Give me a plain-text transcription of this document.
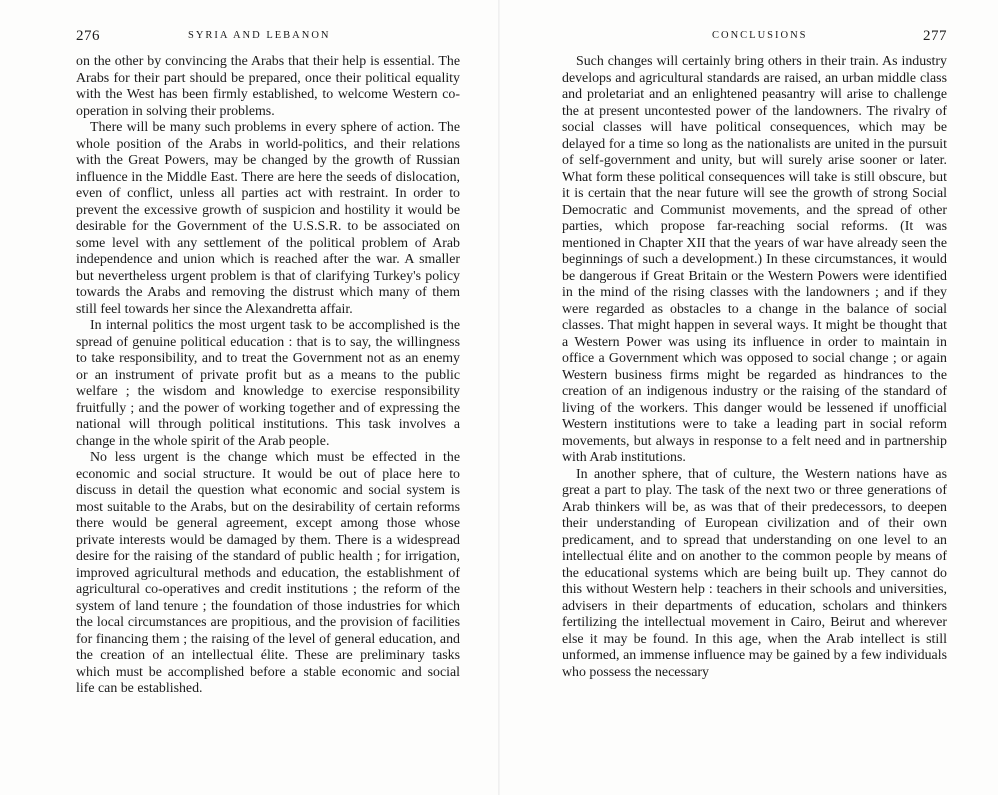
276	SYRIA AND LEBANON

on the other by convincing the Arabs that their help is essential. The Arabs for their part should be prepared, once their political equality with the West has been firmly established, to welcome Western co-operation in solving their problems.

There will be many such problems in every sphere of action. The whole position of the Arabs in world-politics, and their relations with the Great Powers, may be changed by the growth of Russian influence in the Middle East. There are here the seeds of dislocation, even of conflict, unless all parties act with restraint. In order to prevent the excessive growth of suspicion and hostility it would be desirable for the Government of the U.S.S.R. to be associated on some level with any settlement of the political problem of Arab independence and union which is reached after the war. A smaller but nevertheless urgent problem is that of clarifying Turkey's policy towards the Arabs and removing the distrust which many of them still feel towards her since the Alexandretta affair.

In internal politics the most urgent task to be accomplished is the spread of genuine political education : that is to say, the willingness to take responsibility, and to treat the Government not as an enemy or an instrument of private profit but as a means to the public welfare ; the wisdom and knowledge to exercise responsibility fruitfully ; and the power of working together and of expressing the national will through political institutions. This task involves a change in the whole spirit of the Arab people.

No less urgent is the change which must be effected in the economic and social structure. It would be out of place here to discuss in detail the question what economic and social system is most suitable to the Arabs, but on the desirability of certain reforms there would be general agreement, except among those whose private interests would be damaged by them. There is a widespread desire for the raising of the standard of public health ; for irrigation, improved agricultural methods and education, the establishment of agricultural co-operatives and credit institutions ; the reform of the system of land tenure ; the foundation of those industries for which the local circumstances are propitious, and the provision of facilities for financing them ; the raising of the level of general education, and the creation of an intellectual élite. These are preliminary tasks which must be accomplished before a stable economic and social life can be established.

CONCLUSIONS	277

Such changes will certainly bring others in their train. As industry develops and agricultural standards are raised, an urban middle class and proletariat and an enlightened peasantry will arise to challenge the at present uncontested power of the landowners. The rivalry of social classes will have political consequences, which may be delayed for a time so long as the nationalists are united in the pursuit of self-government and unity, but will surely arise sooner or later. What form these political consequences will take is still obscure, but it is certain that the near future will see the growth of strong Social Democratic and Communist movements, and the spread of other parties, which propose far-reaching social reforms. (It was mentioned in Chapter XII that the years of war have already seen the beginnings of such a development.) In these circumstances, it would be dangerous if Great Britain or the Western Powers were identified in the mind of the rising classes with the landowners ; and if they were regarded as obstacles to a change in the balance of social classes. That might happen in several ways. It might be thought that a Western Power was using its influence in order to maintain in office a Government which was opposed to social change ; or again Western business firms might be regarded as hindrances to the creation of an indigenous industry or the raising of the standard of living of the workers. This danger would be lessened if unofficial Western institutions were to take a leading part in social reform movements, but always in response to a felt need and in partnership with Arab institutions.

In another sphere, that of culture, the Western nations have as great a part to play. The task of the next two or three generations of Arab thinkers will be, as was that of their predecessors, to deepen their understanding of European civilization and of their own predicament, and to spread that understanding on one level to an intellectual élite and on another to the common people by means of the educational systems which are being built up. They cannot do this without Western help : teachers in their schools and universities, advisers in their departments of education, scholars and thinkers fertilizing the intellectual movement in Cairo, Beirut and wherever else it may be found. In this age, when the Arab intellect is still unformed, an immense influence may be gained by a few individuals who possess the necessary
